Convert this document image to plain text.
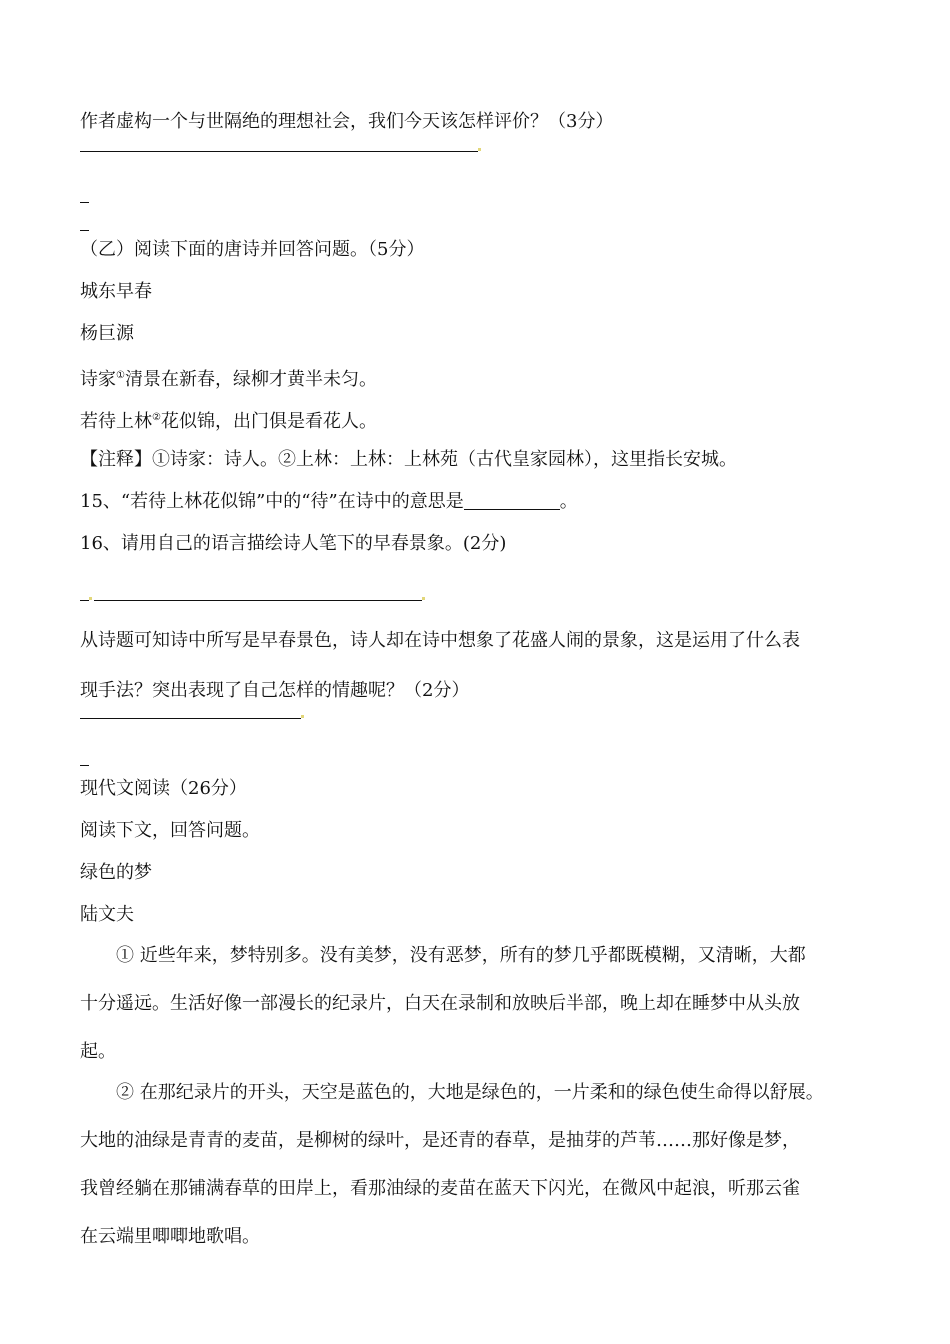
作者虚构一个与世隔绝的理想社会，我们今天该怎样评价？（3分）
（乙）阅读下面的唐诗并回答问题。（5分）
城东早春
杨巨源
诗家①清景在新春，绿柳才黄半未匀。
若待上林②花似锦，出门俱是看花人。
【注释】①诗家：诗人。②上林：上林：上林苑（古代皇家园林），这里指长安城。
15、“若待上林花似锦”中的“待”在诗中的意思是	。
16、请用自己的语言描绘诗人笔下的早春景象。(2分)
从诗题可知诗中所写是早春景色，诗人却在诗中想象了花盛人闹的景象，这是运用了什么表
现手法？突出表现了自己怎样的情趣呢？（2分）
现代文阅读（26分）
阅读下文，回答问题。
绿色的梦
陆文夫
① 近些年来，梦特别多。没有美梦，没有恶梦，所有的梦几乎都既模糊，又清晰，大都
十分遥远。生活好像一部漫长的纪录片，白天在录制和放映后半部，晚上却在睡梦中从头放
起。
② 在那纪录片的开头，天空是蓝色的，大地是绿色的，一片柔和的绿色使生命得以舒展。
大地的油绿是青青的麦苗，是柳树的绿叶，是还青的春草，是抽芽的芦苇……那好像是梦，
我曾经躺在那铺满春草的田岸上，看那油绿的麦苗在蓝天下闪光，在微风中起浪，听那云雀
在云端里唧唧地歌唱。
